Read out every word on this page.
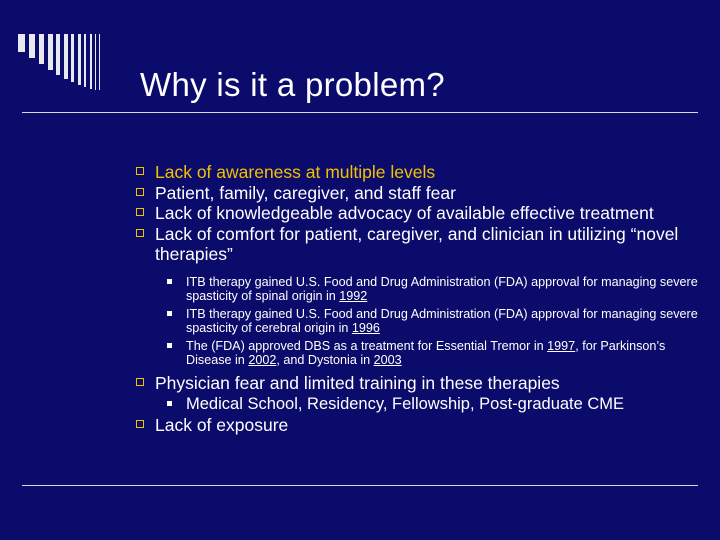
Why is it a problem?
Lack of awareness at multiple levels
Patient, family, caregiver, and staff fear
Lack of knowledgeable advocacy of available effective treatment
Lack of comfort for patient, caregiver, and clinician in utilizing “novel therapies”
ITB therapy gained U.S. Food and Drug Administration (FDA) approval for managing severe spasticity of spinal origin in 1992
ITB therapy gained U.S. Food and Drug Administration (FDA) approval for managing severe spasticity of cerebral origin in 1996
The (FDA) approved DBS as a treatment for Essential Tremor in 1997, for Parkinson’s Disease in 2002, and Dystonia in 2003
Physician fear and limited training in these therapies
Medical School, Residency, Fellowship, Post-graduate CME
Lack of exposure
